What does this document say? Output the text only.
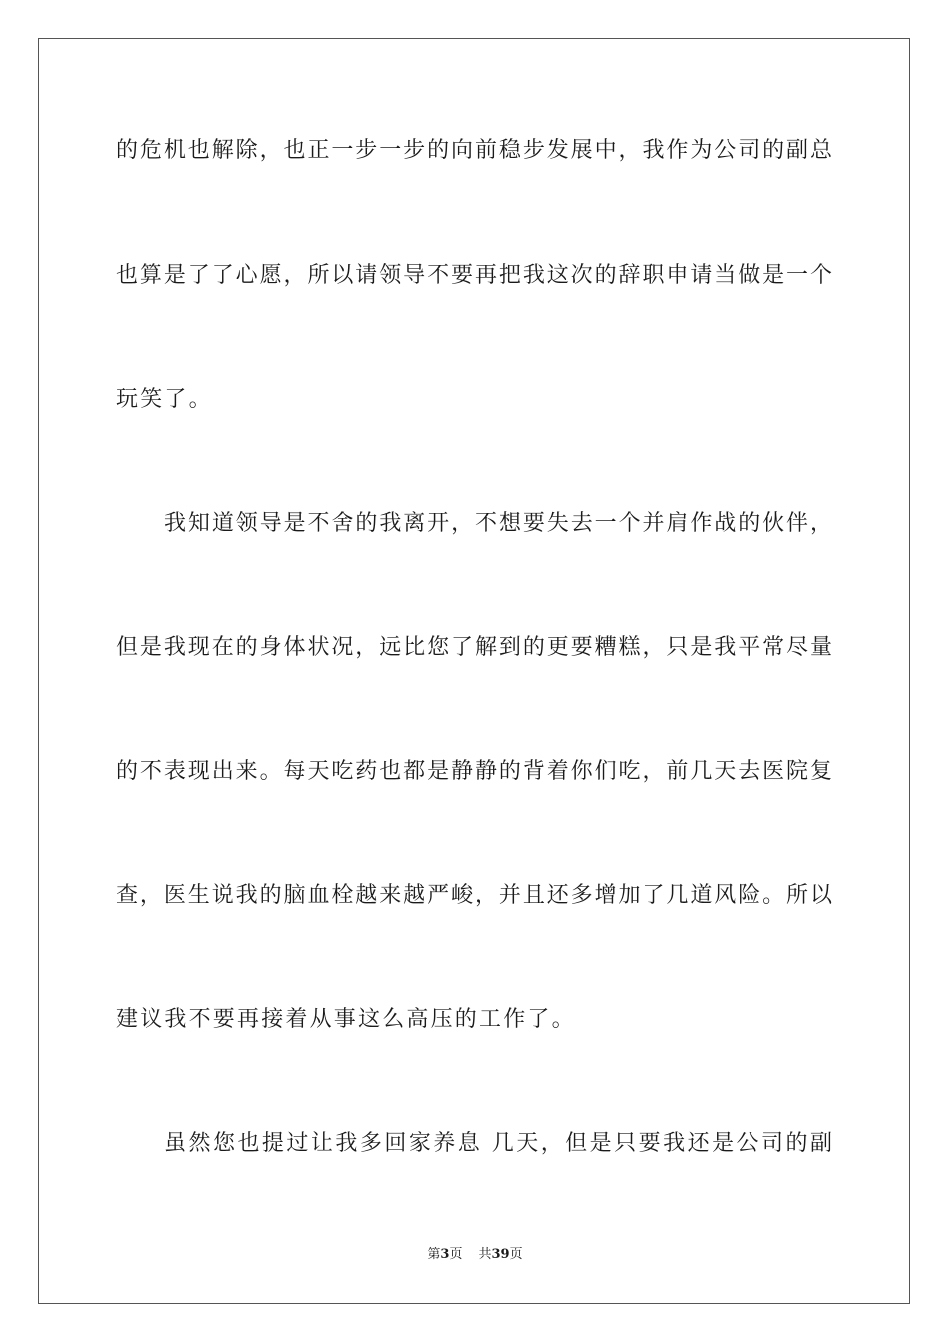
的危机也解除，也正一步一步的向前稳步发展中，我作为公司的副总
也算是了了心愿，所以请领导不要再把我这次的辞职申请当做是一个
玩笑了。
我知道领导是不舍的我离开，不想要失去一个并肩作战的伙伴，
但是我现在的身体状况，远比您了解到的更要糟糕，只是我平常尽量
的不表现出来。每天吃药也都是静静的背着你们吃，前几天去医院复
查，医生说我的脑血栓越来越严峻，并且还多增加了几道风险。所以
建议我不要再接着从事这么高压的工作了。
虽然您也提过让我多回家养息 几天，但是只要我还是公司的副
第3页 共39页
